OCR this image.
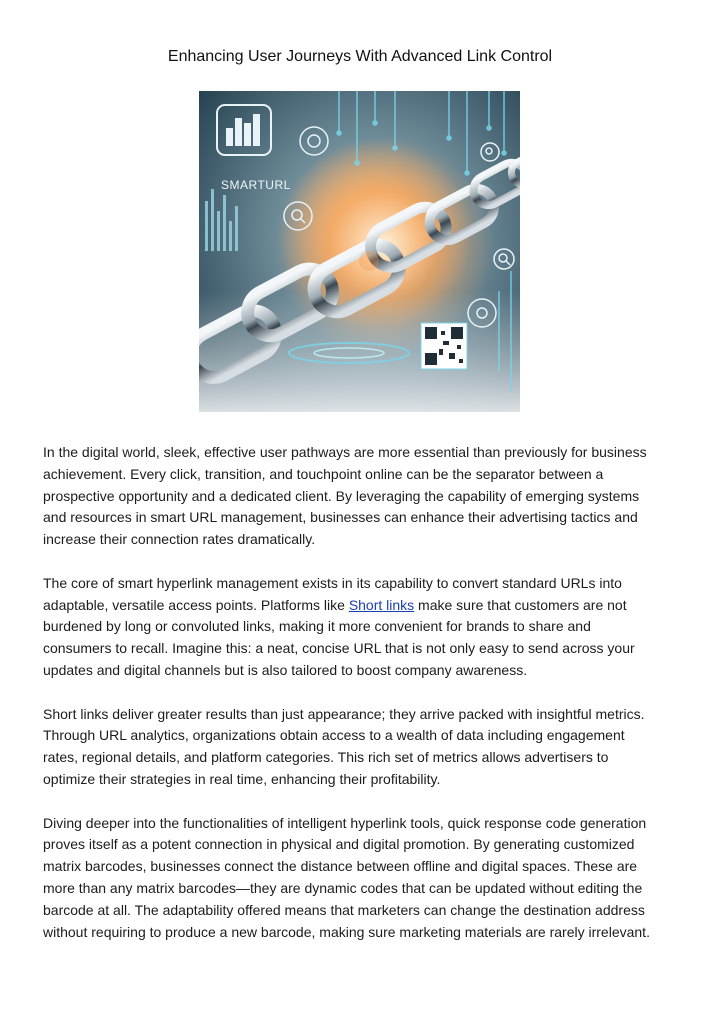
Enhancing User Journeys With Advanced Link Control
SMARTURL

In the digital world, sleek, effective user pathways are more essential than previously for business
achievement. Every click, transition, and touchpoint online can be the separator between a
prospective opportunity and a dedicated client. By leveraging the capability of emerging systems
and resources in smart URL management, businesses can enhance their advertising tactics and
increase their connection rates dramatically.

The core of smart hyperlink management exists in its capability to convert standard URLs into
adaptable, versatile access points. Platforms like Short links make sure that customers are not
burdened by long or convoluted links, making it more convenient for brands to share and
consumers to recall. Imagine this: a neat, concise URL that is not only easy to send across your
updates and digital channels but is also tailored to boost company awareness.

Short links deliver greater results than just appearance; they arrive packed with insightful metrics.
Through URL analytics, organizations obtain access to a wealth of data including engagement
rates, regional details, and platform categories. This rich set of metrics allows advertisers to
optimize their strategies in real time, enhancing their profitability.

Diving deeper into the functionalities of intelligent hyperlink tools, quick response code generation
proves itself as a potent connection in physical and digital promotion. By generating customized
matrix barcodes, businesses connect the distance between offline and digital spaces. These are
more than any matrix barcodes—they are dynamic codes that can be updated without editing the
barcode at all. The adaptability offered means that marketers can change the destination address
without requiring to produce a new barcode, making sure marketing materials are rarely irrelevant.
